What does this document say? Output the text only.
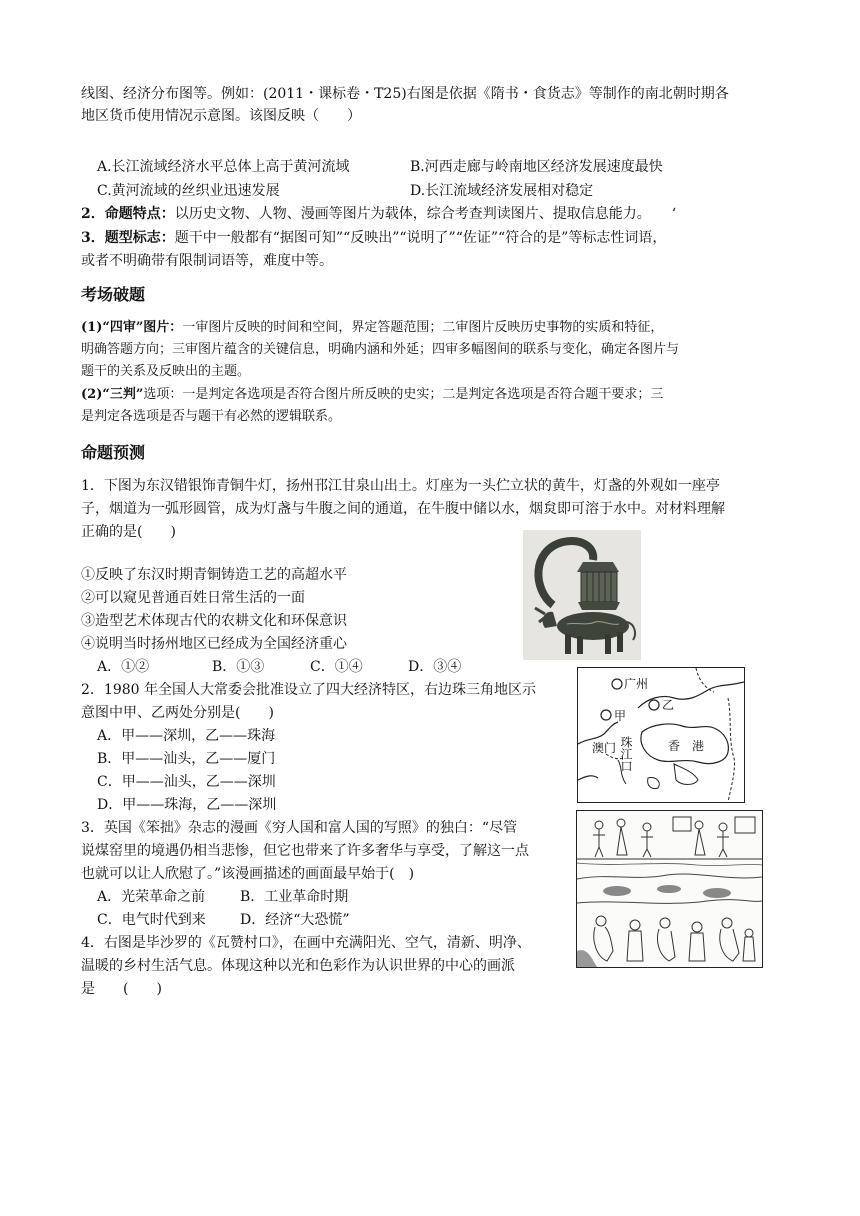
线图、经济分布图等。例如：(2011・课标卷・T25)右图是依据《隋书・食货志》等制作的南北朝时期各
地区货币使用情况示意图。该图反映（　　）
A.长江流域经济水平总体上高于黄河流域	B.河西走廊与岭南地区经济发展速度最快
C.黄河流域的丝织业迅速发展	D.长江流域经济发展相对稳定
2．命题特点：以历史文物、人物、漫画等图片为载体，综合考查判读图片、提取信息能力。　　‘
3．题型标志：题干中一般都有“据图可知”“反映出”“说明了”“佐证”“符合的是”等标志性词语，
或者不明确带有限制词语等，难度中等。
考场破题
(1)“四审”图片：一审图片反映的时间和空间，界定答题范围；二审图片反映历史事物的实质和特征，
明确答题方向；三审图片蕴含的关键信息，明确内涵和外延；四审多幅图间的联系与变化，确定各图片与
题干的关系及反映出的主题。
(2)“三判”选项：一是判定各选项是否符合图片所反映的史实；二是判定各选项是否符合题干要求；三
是判定各选项是否与题干有必然的逻辑联系。
命题预测
1．下图为东汉错银饰青铜牛灯，扬州邗江甘泉山出土。灯座为一头伫立状的黄牛，灯盏的外观如一座亭
子，烟道为一弧形圆管，成为灯盏与牛腹之间的通道，在牛腹中储以水，烟炱即可溶于水中。对材料理解
正确的是(　　)
①反映了东汉时期青铜铸造工艺的高超水平
②可以窥见普通百姓日常生活的一面
③造型艺术体现古代的农耕文化和环保意识
④说明当时扬州地区已经成为全国经济重心
A．①②	B．①③	C．①④	D．③④
2．1980 年全国人大常委会批准设立了四大经济特区，右边珠三角地区示
意图中甲、乙两处分别是(　　)
A．甲——深圳，乙——珠海
B．甲——汕头，乙——厦门
C．甲——汕头，乙——深圳
D．甲——珠海，乙——深圳
广州
甲
乙
澳门 珠江口	香 港
3．英国《笨拙》杂志的漫画《穷人国和富人国的写照》的独白：“尽管
说煤窑里的境遇仍相当悲惨，但它也带来了许多奢华与享受，了解这一点
也就可以让人欣慰了。”该漫画描述的画面最早始于(　)
A．光荣革命之前 B．工业革命时期
C．电气时代到来 D．经济“大恐慌”
4．右图是毕沙罗的《瓦赞村口》，在画中充满阳光、空气，清新、明净、
温暖的乡村生活气息。体现这种以光和色彩作为认识世界的中心的画派
是　　(　　)
